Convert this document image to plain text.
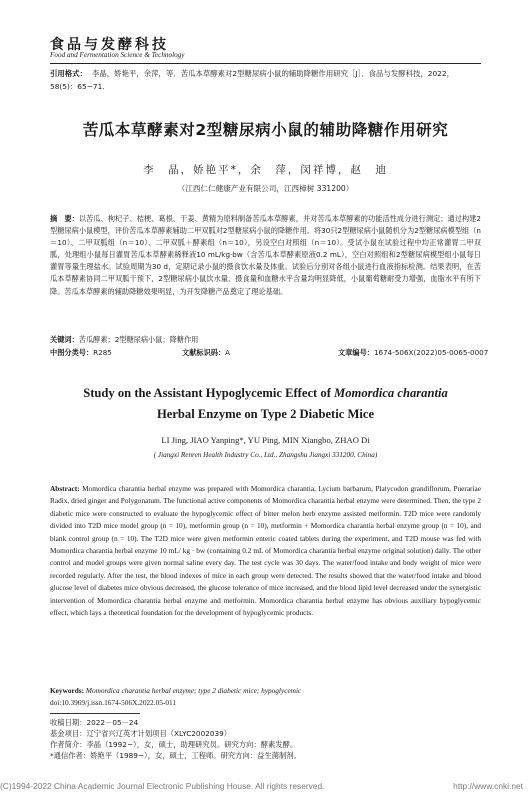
食品与发酵科技
Food and Fermentation Science & Technology
引用格式： 李晶，娇艳平，余萍，等．苦瓜本草酵素对2型糖尿病小鼠的辅助降糖作用研究［J］．食品与发酵科技，2022，
58(5)：65−71.
苦瓜本草酵素对2型糖尿病小鼠的辅助降糖作用研究
李　晶，娇艳平*，余　萍，闵祥博，赵　迪
（江西仁仁健康产业有限公司，江西樟树 331200）
摘　要：以苦瓜、枸杞子、桔梗、葛根、干姜、黄精为原料制备苦瓜本草酵素，并对苦瓜本草酵素的功能活性成分进行测定；通过构建2型糖尿病小鼠模型，评价苦瓜本草酵素辅助二甲双胍对2型糖尿病小鼠的降糖作用。将30只2型糖尿病小鼠随机分为2型糖尿病模型组（n＝10）、二甲双胍组（n＝10）、二甲双胍＋酵素组（n＝10），另设空白对照组（n＝10）。受试小鼠在试验过程中均正常灌胃二甲双胍，处理组小鼠每日灌胃苦瓜本草酵素稀释液10 mL/kg·bw（含苦瓜本草酵素原液0.2 mL），空白对照组和2型糖尿病模型组小鼠每日灌胃等量生理盐水。试验周期为30 d，定期记录小鼠的摄食饮水量及体重。试验后分别对各组小鼠进行血液指标检测。结果表明，在苦瓜本草酵素协同二甲双胍干预下，2型糖尿病小鼠饮水量、摄食量和血糖水平含量均明显降低，小鼠葡萄糖耐受力增强，血脂水平有所下降。苦瓜本草酵素的辅助降糖效果明显，为开发降糖产品奠定了理论基础。
关键词：苦瓜酵素；2型糖尿病小鼠；降糖作用
中图分类号： R285	文献标识码： A	文章编号： 1674-506X(2022)05-0065-0007
Study on the Assistant Hypoglycemic Effect of Momordica charantia
Herbal Enzyme on Type 2 Diabetic Mice
LI Jing, JIAO Yanping*, YU Ping, MIN Xiangbo, ZHAO Di
( Jiangxi Renren Health Industry Co., Ltd., Zhangshu Jiangxi 331200, China)
Abstract: Momordica charantia herbal enzyme was prepared with Momordica charantia, Lycium barbarum, Platycodon grandiflorum, Puerariae Radix, dried ginger and Polygonatum. The functional active components of Momordica charantia herbal enzyme were determined. Then, the type 2 diabetic mice were constructed to evaluate the hypoglycemic effect of bitter melon herb enzyme assisted metformin. T2D mice were randomly divided into T2D mice model group (n = 10), metformin group (n = 10), metformin + Momordica charantia herbal enzyme group (n = 10), and blank control group (n = 10). The T2D mice were given metformin enteric coated tablets during the experiment, and T2D mouse was fed with Momordica charantia herbal enzyme 10 mL/ kg · bw (containing 0.2 mL of Momordica charantia herbal enzyme original solution) daily. The other control and model groups were given normal saline every day. The test cycle was 30 days. The water/food intake and body weight of mice were recorded regularly. After the test, the blood indexes of mice in each group were detected. The results showed that the water/food intake and blood glucose level of diabetes mice obvious decreased, the glucose tolerance of mice increased, and the blood lipid level decreased under the synergistic intervention of Momordica charantia herbal enzyme and metformin. Momordica charantia herbal enzyme has obvious auxiliary hypoglycemic effect, which lays a theoretical foundation for the development of hypoglycemic products.
Keywords: Momordica charantia herbal enzyme; type 2 diabetic mice; hypoglycemic
doi:10.3969/j.issn.1674-506X.2022.05-011
收稿日期：2022－05－24
基金项目：辽宁省兴辽英才计划项目（XLYC2002039）
作者简介：李晶（1992−），女，硕士，助理研究员。研究方向：酵素发酵。
*通信作者：娇艳平（1989−），女，硕士，工程师。研究方向：益生菌制剂。
(C)1994-2022 China Academic Journal Electronic Publishing House. All rights reserved.	http://www.cnki.net
